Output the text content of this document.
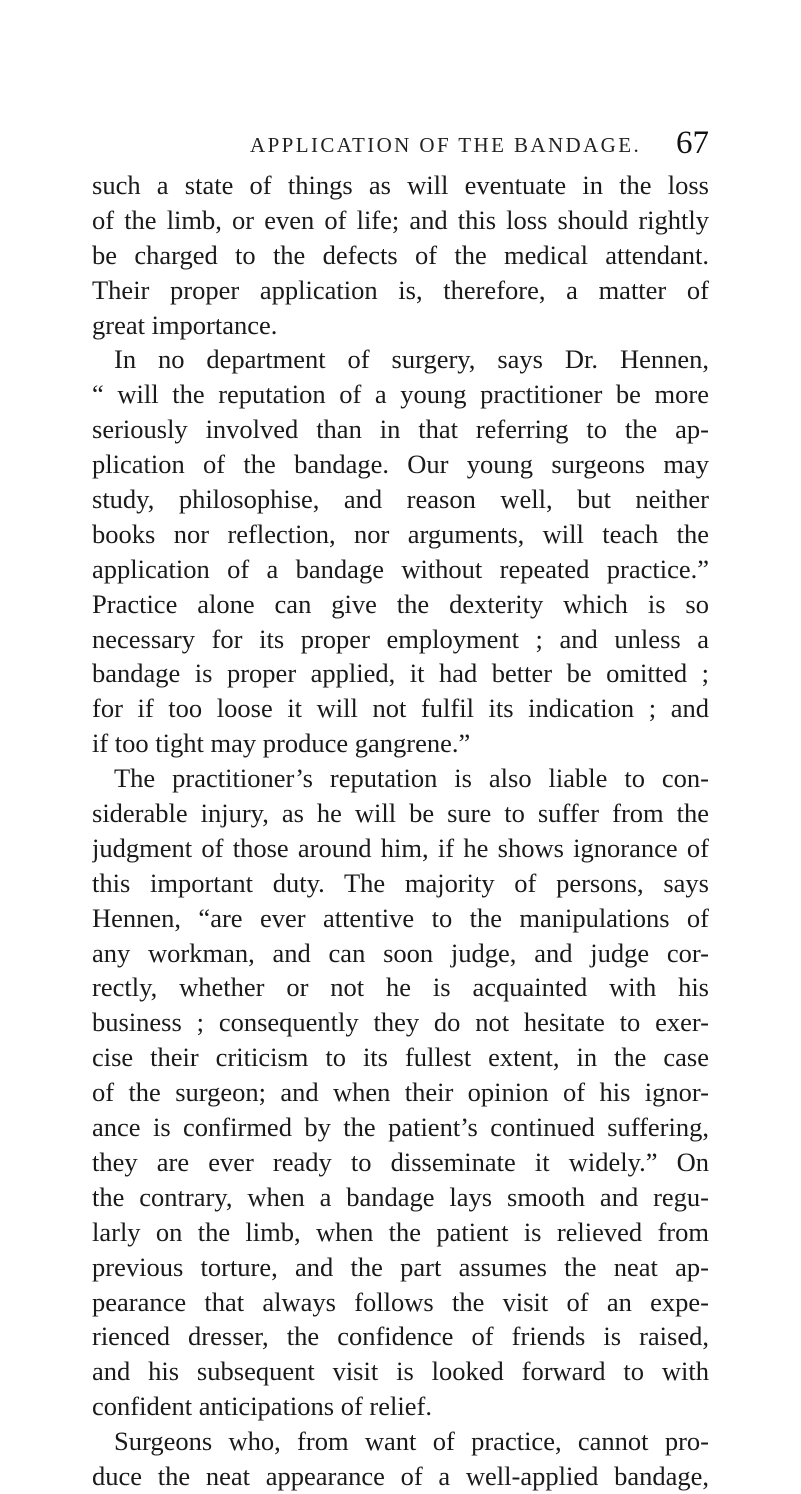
APPLICATION OF THE BANDAGE. 67
such a state of things as will eventuate in the loss
of the limb, or even of life; and this loss should rightly
be charged to the defects of the medical attendant.
Their proper application is, therefore, a matter of
great importance.
In no department of surgery, says Dr. Hennen,
“ will the reputation of a young practitioner be more
seriously involved than in that referring to the ap-
plication of the bandage. Our young surgeons may
study, philosophise, and reason well, but neither
books nor reflection, nor arguments, will teach the
application of a bandage without repeated practice.”
Practice alone can give the dexterity which is so
necessary for its proper employment ; and unless a
bandage is proper applied, it had better be omitted ;
for if too loose it will not fulfil its indication ; and
if too tight may produce gangrene.”
The practitioner’s reputation is also liable to con-
siderable injury, as he will be sure to suffer from the
judgment of those around him, if he shows ignorance of
this important duty. The majority of persons, says
Hennen, “are ever attentive to the manipulations of
any workman, and can soon judge, and judge cor-
rectly, whether or not he is acquainted with his
business ; consequently they do not hesitate to exer-
cise their criticism to its fullest extent, in the case
of the surgeon; and when their opinion of his ignor-
ance is confirmed by the patient’s continued suffering,
they are ever ready to disseminate it widely.” On
the contrary, when a bandage lays smooth and regu-
larly on the limb, when the patient is relieved from
previous torture, and the part assumes the neat ap-
pearance that always follows the visit of an expe-
rienced dresser, the confidence of friends is raised,
and his subsequent visit is looked forward to with
confident anticipations of relief.
Surgeons who, from want of practice, cannot pro-
duce the neat appearance of a well-applied bandage,
